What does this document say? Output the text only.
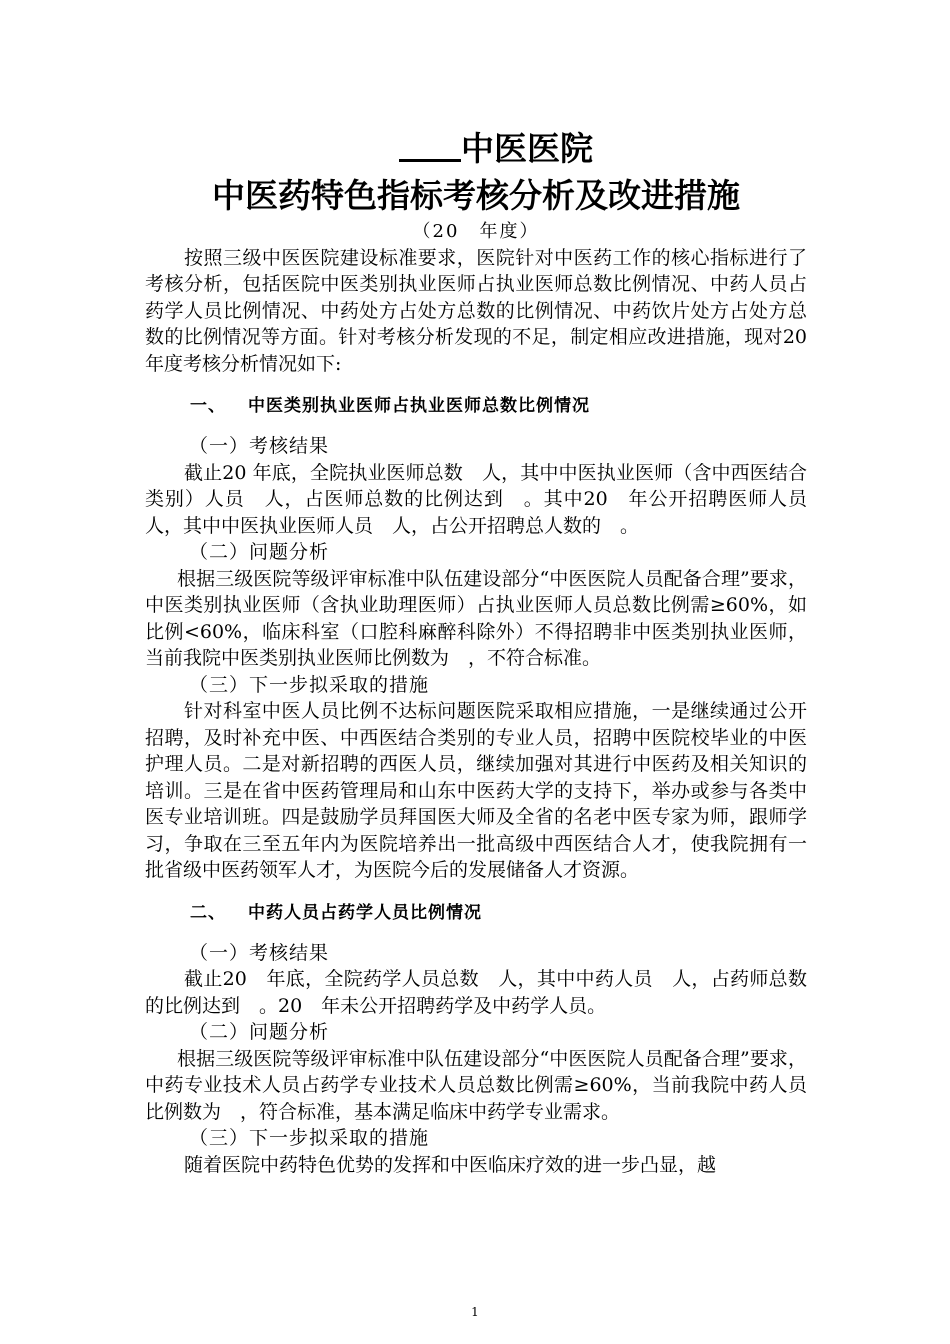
中医医院
中医药特色指标考核分析及改进措施
（20　年度）

按照三级中医医院建设标准要求，医院针对中医药工作的核心指标进行了考核分析，包括医院中医类别执业医师占执业医师总数比例情况、中药人员占药学人员比例情况、中药处方占处方总数的比例情况、中药饮片处方占处方总数的比例情况等方面。针对考核分析发现的不足，制定相应改进措施，现对20 年度考核分析情况如下:

一、 中医类别执业医师占执业医师总数比例情况
（一）考核结果

截止20 年底，全院执业医师总数　人，其中中医执业医师（含中西医结合类别）人员　人，占医师总数的比例达到　。其中20　年公开招聘医师人员　人，其中中医执业医师人员　人，占公开招聘总人数的　。

（二）问题分析

根据三级医院等级评审标准中队伍建设部分“中医医院人员配备合理”要求，中医类别执业医师（含执业助理医师）占执业医师人员总数比例需≥60%，如比例<60%，临床科室（口腔科麻醉科除外）不得招聘非中医类别执业医师，当前我院中医类别执业医师比例数为　，不符合标准。

（三）下一步拟采取的措施

针对科室中医人员比例不达标问题医院采取相应措施，一是继续通过公开招聘，及时补充中医、中西医结合类别的专业人员，招聘中医院校毕业的中医护理人员。二是对新招聘的西医人员，继续加强对其进行中医药及相关知识的培训。三是在省中医药管理局和山东中医药大学的支持下，举办或参与各类中医专业培训班。四是鼓励学员拜国医大师及全省的名老中医专家为师，跟师学习，争取在三至五年内为医院培养出一批高级中西医结合人才，使我院拥有一批省级中医药领军人才，为医院今后的发展储备人才资源。

二、 中药人员占药学人员比例情况
（一）考核结果

截止20　年底，全院药学人员总数　人，其中中药人员　人，占药师总数的比例达到　。20　年未公开招聘药学及中药学人员。

（二）问题分析

根据三级医院等级评审标准中队伍建设部分“中医医院人员配备合理”要求，中药专业技术人员占药学专业技术人员总数比例需≥60%，当前我院中药人员比例数为　，符合标准，基本满足临床中药学专业需求。

（三）下一步拟采取的措施

随着医院中药特色优势的发挥和中医临床疗效的进一步凸显，越

1
